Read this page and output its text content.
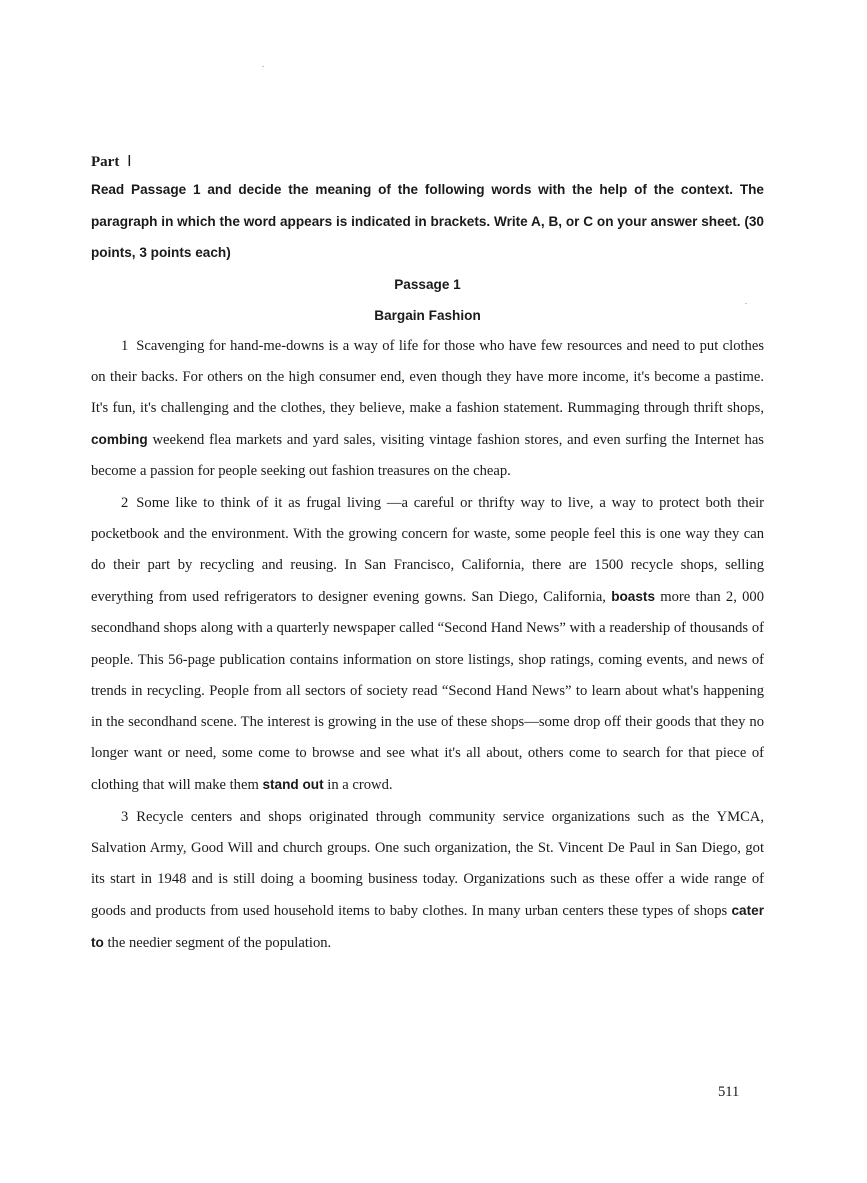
Part Ⅰ

Read Passage 1 and decide the meaning of the following words with the help of the context. The paragraph in which the word appears is indicated in brackets. Write A, B, or C on your answer sheet. (30 points, 3 points each)

Passage 1

Bargain Fashion

1 Scavenging for hand-me-downs is a way of life for those who have few resources and need to put clothes on their backs. For others on the high consumer end, even though they have more income, it's become a pastime. It's fun, it's challenging and the clothes, they believe, make a fashion statement. Rummaging through thrift shops, combing weekend flea markets and yard sales, visiting vintage fashion stores, and even surfing the Internet has become a passion for people seeking out fashion treasures on the cheap.

2 Some like to think of it as frugal living —a careful or thrifty way to live, a way to protect both their pocketbook and the environment. With the growing concern for waste, some people feel this is one way they can do their part by recycling and reusing. In San Francisco, California, there are 1500 recycle shops, selling everything from used refrigerators to designer evening gowns. San Diego, California, boasts more than 2, 000 secondhand shops along with a quarterly newspaper called “Second Hand News” with a readership of thousands of people. This 56-page publication contains information on store listings, shop ratings, coming events, and news of trends in recycling. People from all sectors of society read “Second Hand News” to learn about what's happening in the secondhand scene. The interest is growing in the use of these shops—some drop off their goods that they no longer want or need, some come to browse and see what it's all about, others come to search for that piece of clothing that will make them stand out in a crowd.

3 Recycle centers and shops originated through community service organizations such as the YMCA, Salvation Army, Good Will and church groups. One such organization, the St. Vincent De Paul in San Diego, got its start in 1948 and is still doing a booming business today. Organizations such as these offer a wide range of goods and products from used household items to baby clothes. In many urban centers these types of shops cater to the needier segment of the population.

511
